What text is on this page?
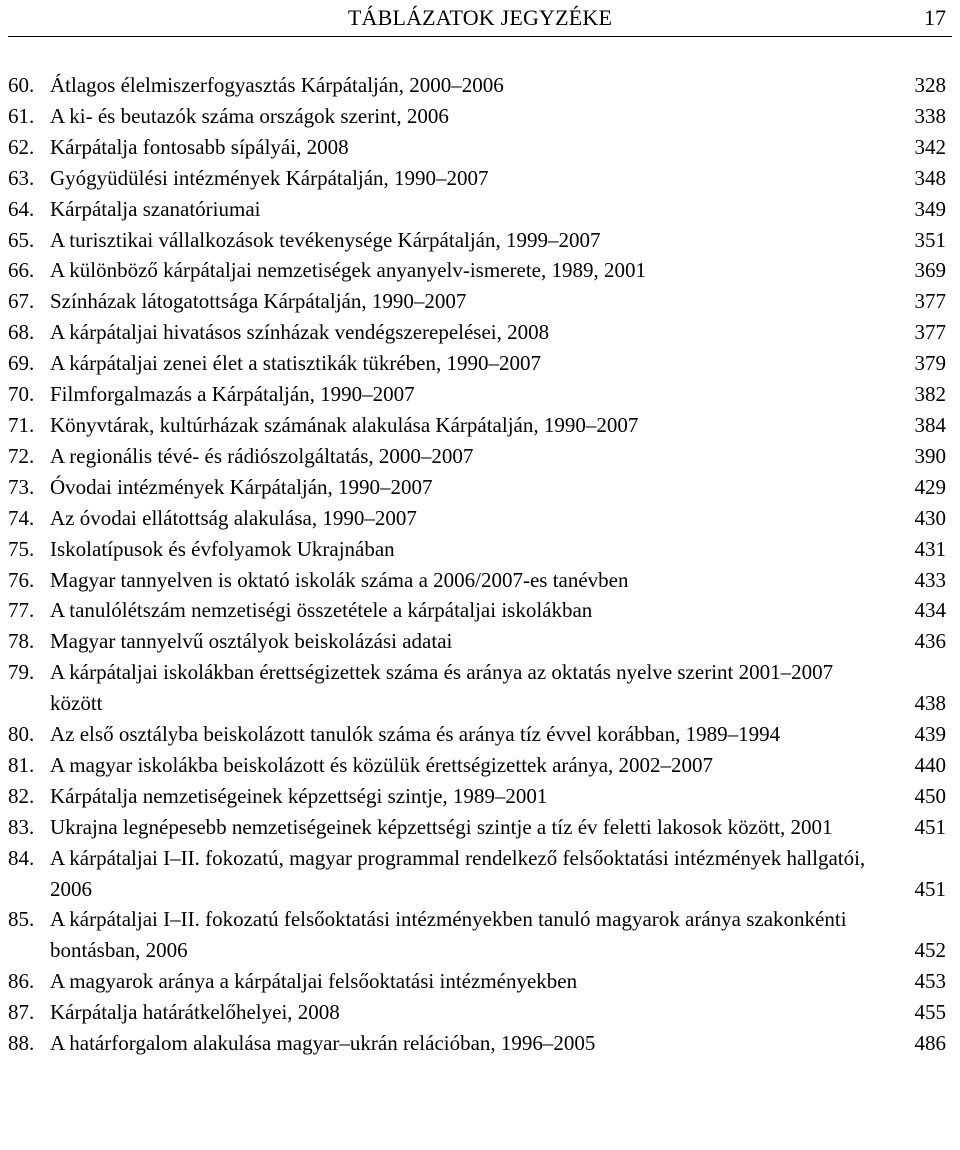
TÁBLÁZATOK JEGYZÉKE	17
60. Átlagos élelmiszerfogyasztás Kárpátalján, 2000–2006	328
61. A ki- és beutazók száma országok szerint, 2006	338
62. Kárpátalja fontosabb sípályái, 2008	342
63. Gyógyüdülési intézmények Kárpátalján, 1990–2007	348
64. Kárpátalja szanatóriumai	349
65. A turisztikai vállalkozások tevékenysége Kárpátalján, 1999–2007	351
66. A különböző kárpátaljai nemzetiségek anyanyelv-ismerete, 1989, 2001	369
67. Színházak látogatottsága Kárpátalján, 1990–2007	377
68. A kárpátaljai hivatásos színházak vendégszerepelései, 2008	377
69. A kárpátaljai zenei élet a statisztikák tükrében, 1990–2007	379
70. Filmforgalmazás a Kárpátalján, 1990–2007	382
71. Könyvtárak, kultúrházak számának alakulása Kárpátalján, 1990–2007	384
72. A regionális tévé- és rádiószolgáltatás, 2000–2007	390
73. Óvodai intézmények Kárpátalján, 1990–2007	429
74. Az óvodai ellátottság alakulása, 1990–2007	430
75. Iskolatípusok és évfolyamok Ukrajnában	431
76. Magyar tannyelven is oktató iskolák száma a 2006/2007-es tanévben	433
77. A tanulólétszám nemzetiségi összetétele a kárpátaljai iskolákban	434
78. Magyar tannyelvű osztályok beiskolázási adatai	436
79. A kárpátaljai iskolákban érettségizettek száma és aránya az oktatás nyelve szerint 2001–2007 között	438
80. Az első osztályba beiskolázott tanulók száma és aránya tíz évvel korábban, 1989–1994	439
81. A magyar iskolákba beiskolázott és közülük érettségizettek aránya, 2002–2007	440
82. Kárpátalja nemzetiségeinek képzettségi szintje, 1989–2001	450
83. Ukrajna legnépesebb nemzetiségeinek képzettségi szintje a tíz év feletti lakosok között, 2001	451
84. A kárpátaljai I–II. fokozatú, magyar programmal rendelkező felsőoktatási intézmények hallgatói, 2006	451
85. A kárpátaljai I–II. fokozatú felsőoktatási intézményekben tanuló magyarok aránya szakonkénti bontásban, 2006	452
86. A magyarok aránya a kárpátaljai felsőoktatási intézményekben	453
87. Kárpátalja határátkelőhelyei, 2008	455
88. A határforgalom alakulása magyar–ukrán relációban, 1996–2005	486
